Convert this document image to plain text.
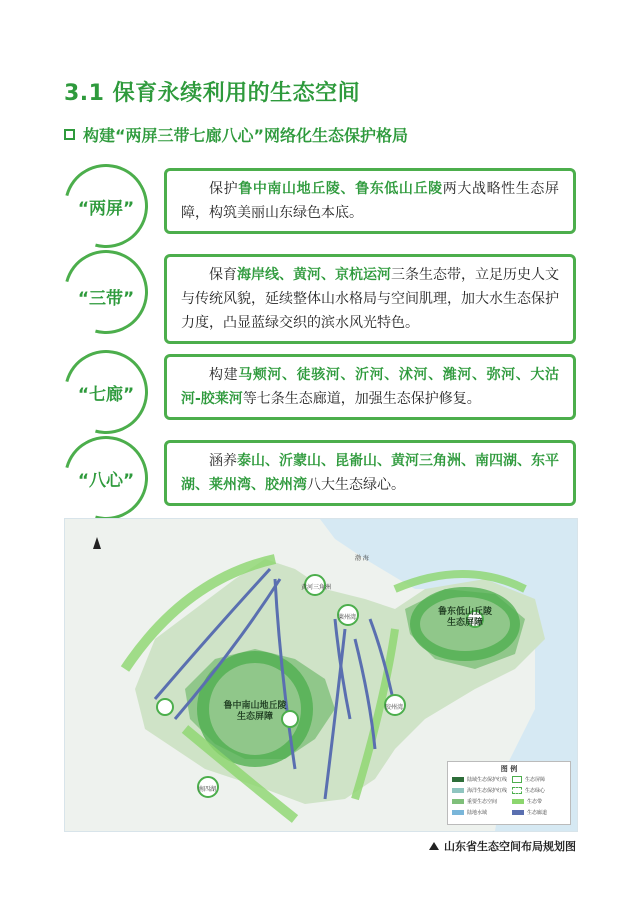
3.1 保育永续利用的生态空间
构建“两屏三带七廊八心”网络化生态保护格局
“两屏”
保护鲁中南山地丘陵、鲁东低山丘陵两大战略性生态屏障，构筑美丽山东绿色本底。
“三带”
保育海岸线、黄河、京杭运河三条生态带，立足历史人文与传统风貌，延续整体山水格局与空间肌理，加大水生态保护力度，凸显蓝绿交织的滨水风光特色。
“七廊”
构建马颊河、徒骇河、沂河、沭河、潍河、弥河、大沽河-胶莱河等七条生态廊道，加强生态保护修复。
“八心”
涵养泰山、沂蒙山、昆嵛山、黄河三角洲、南四湖、东平湖、莱州湾、胶州湾八大生态绿心。
渤 海
鲁中南山地丘陵
生态屏障
鲁东低山丘陵
生态屏障
黄河三角洲
莱州湾
胶州湾
南四湖
图 例
陆域生态保护红线
海洋生态保护红线
重要生态空间
陆地水域
生态屏障
生态绿心
生态带
生态廊道
山东省生态空间布局规划图
